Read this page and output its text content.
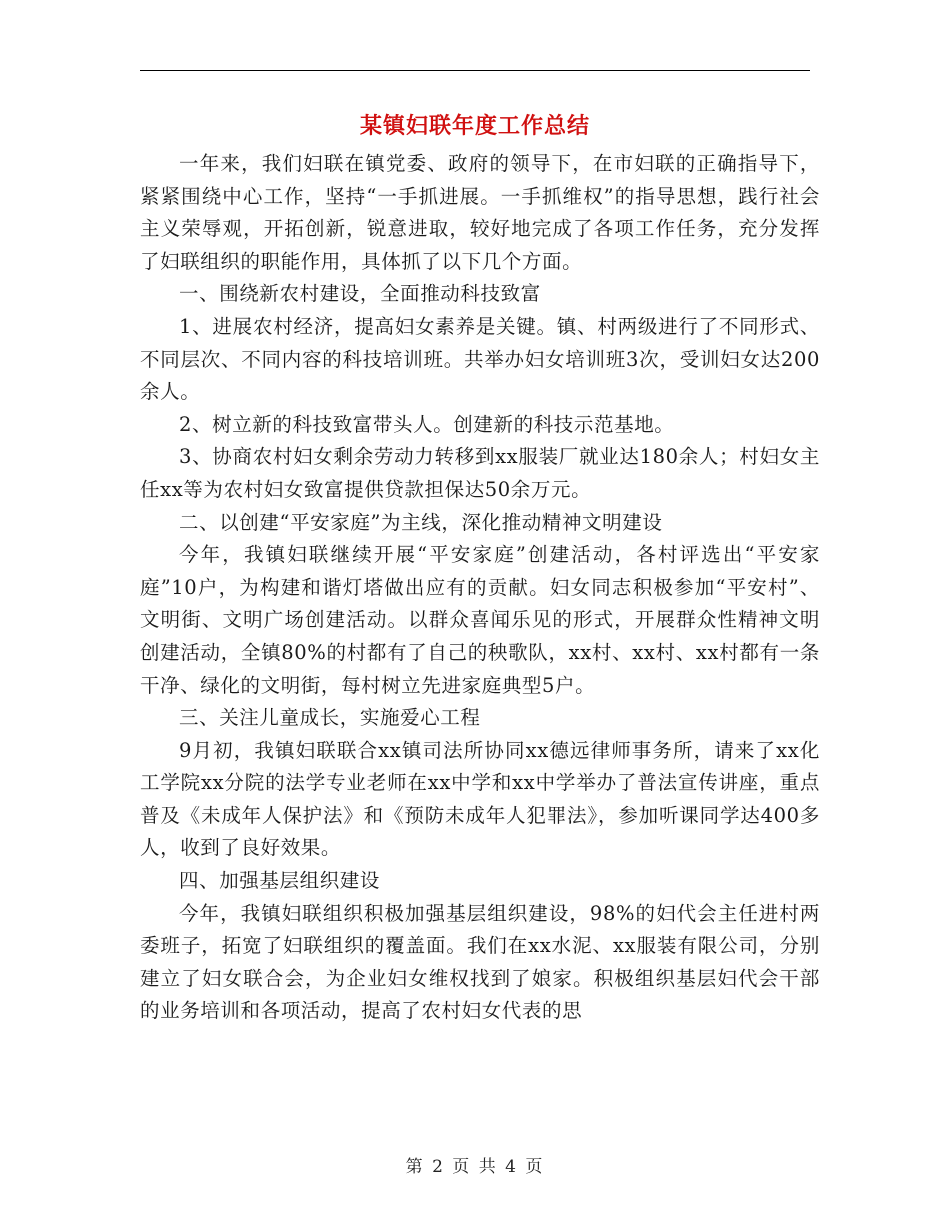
某镇妇联年度工作总结

一年来，我们妇联在镇党委、政府的领导下，在市妇联的正确指导下，紧紧围绕中心工作，坚持“一手抓进展。一手抓维权”的指导思想，践行社会主义荣辱观，开拓创新，锐意进取，较好地完成了各项工作任务，充分发挥了妇联组织的职能作用，具体抓了以下几个方面。

一、围绕新农村建设，全面推动科技致富

1、进展农村经济，提高妇女素养是关键。镇、村两级进行了不同形式、不同层次、不同内容的科技培训班。共举办妇女培训班3次，受训妇女达200余人。

2、树立新的科技致富带头人。创建新的科技示范基地。

3、协商农村妇女剩余劳动力转移到xx服装厂就业达180余人；村妇女主任xx等为农村妇女致富提供贷款担保达50余万元。

二、以创建“平安家庭”为主线，深化推动精神文明建设

今年，我镇妇联继续开展“平安家庭”创建活动，各村评选出“平安家庭”10户，为构建和谐灯塔做出应有的贡献。妇女同志积极参加“平安村”、文明街、文明广场创建活动。以群众喜闻乐见的形式，开展群众性精神文明创建活动，全镇80%的村都有了自己的秧歌队，xx村、xx村、xx村都有一条干净、绿化的文明街，每村树立先进家庭典型5户。

三、关注儿童成长，实施爱心工程

9月初，我镇妇联联合xx镇司法所协同xx德远律师事务所，请来了xx化工学院xx分院的法学专业老师在xx中学和xx中学举办了普法宣传讲座，重点普及《未成年人保护法》和《预防未成年人犯罪法》，参加听课同学达400多人，收到了良好效果。

四、加强基层组织建设

今年，我镇妇联组织积极加强基层组织建设，98%的妇代会主任进村两委班子，拓宽了妇联组织的覆盖面。我们在xx水泥、xx服装有限公司，分别建立了妇女联合会，为企业妇女维权找到了娘家。积极组织基层妇代会干部的业务培训和各项活动，提高了农村妇女代表的思

第 2 页 共 4 页
